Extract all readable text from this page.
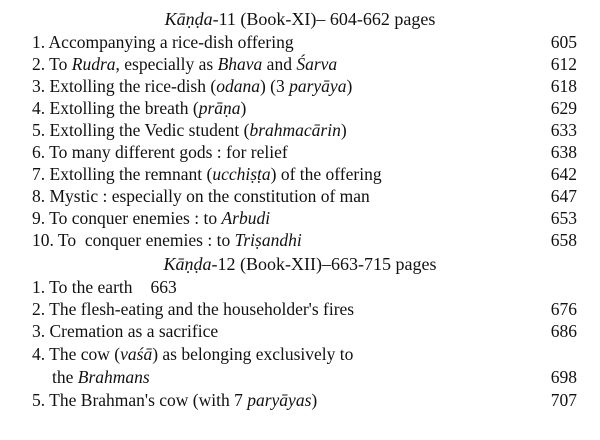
Kāṇḍa-11 (Book-XI)– 604-662 pages
1. Accompanying a rice-dish offering	605
2. To Rudra, especially as Bhava and Śarva	612
3. Extolling the rice-dish (odana) (3 paryāya)	618
4. Extolling the breath (prāṇa)	629
5. Extolling the Vedic student (brahmacārin)	633
6. To many different gods : for relief	638
7. Extolling the remnant (ucchiṣṭa) of the offering	642
8. Mystic : especially on the constitution of man	647
9. To conquer enemies : to Arbudi	653
10. To  conquer enemies : to Triṣandhi	658
Kāṇḍa-12 (Book-XII)–663-715 pages
1. To the earth 663
2. The flesh-eating and the householder's fires	676
3. Cremation as a sacrifice	686
4. The cow (vaśā) as belonging exclusively to
the Brahmans	698
5. The Brahman's cow (with 7 paryāyas)	707
